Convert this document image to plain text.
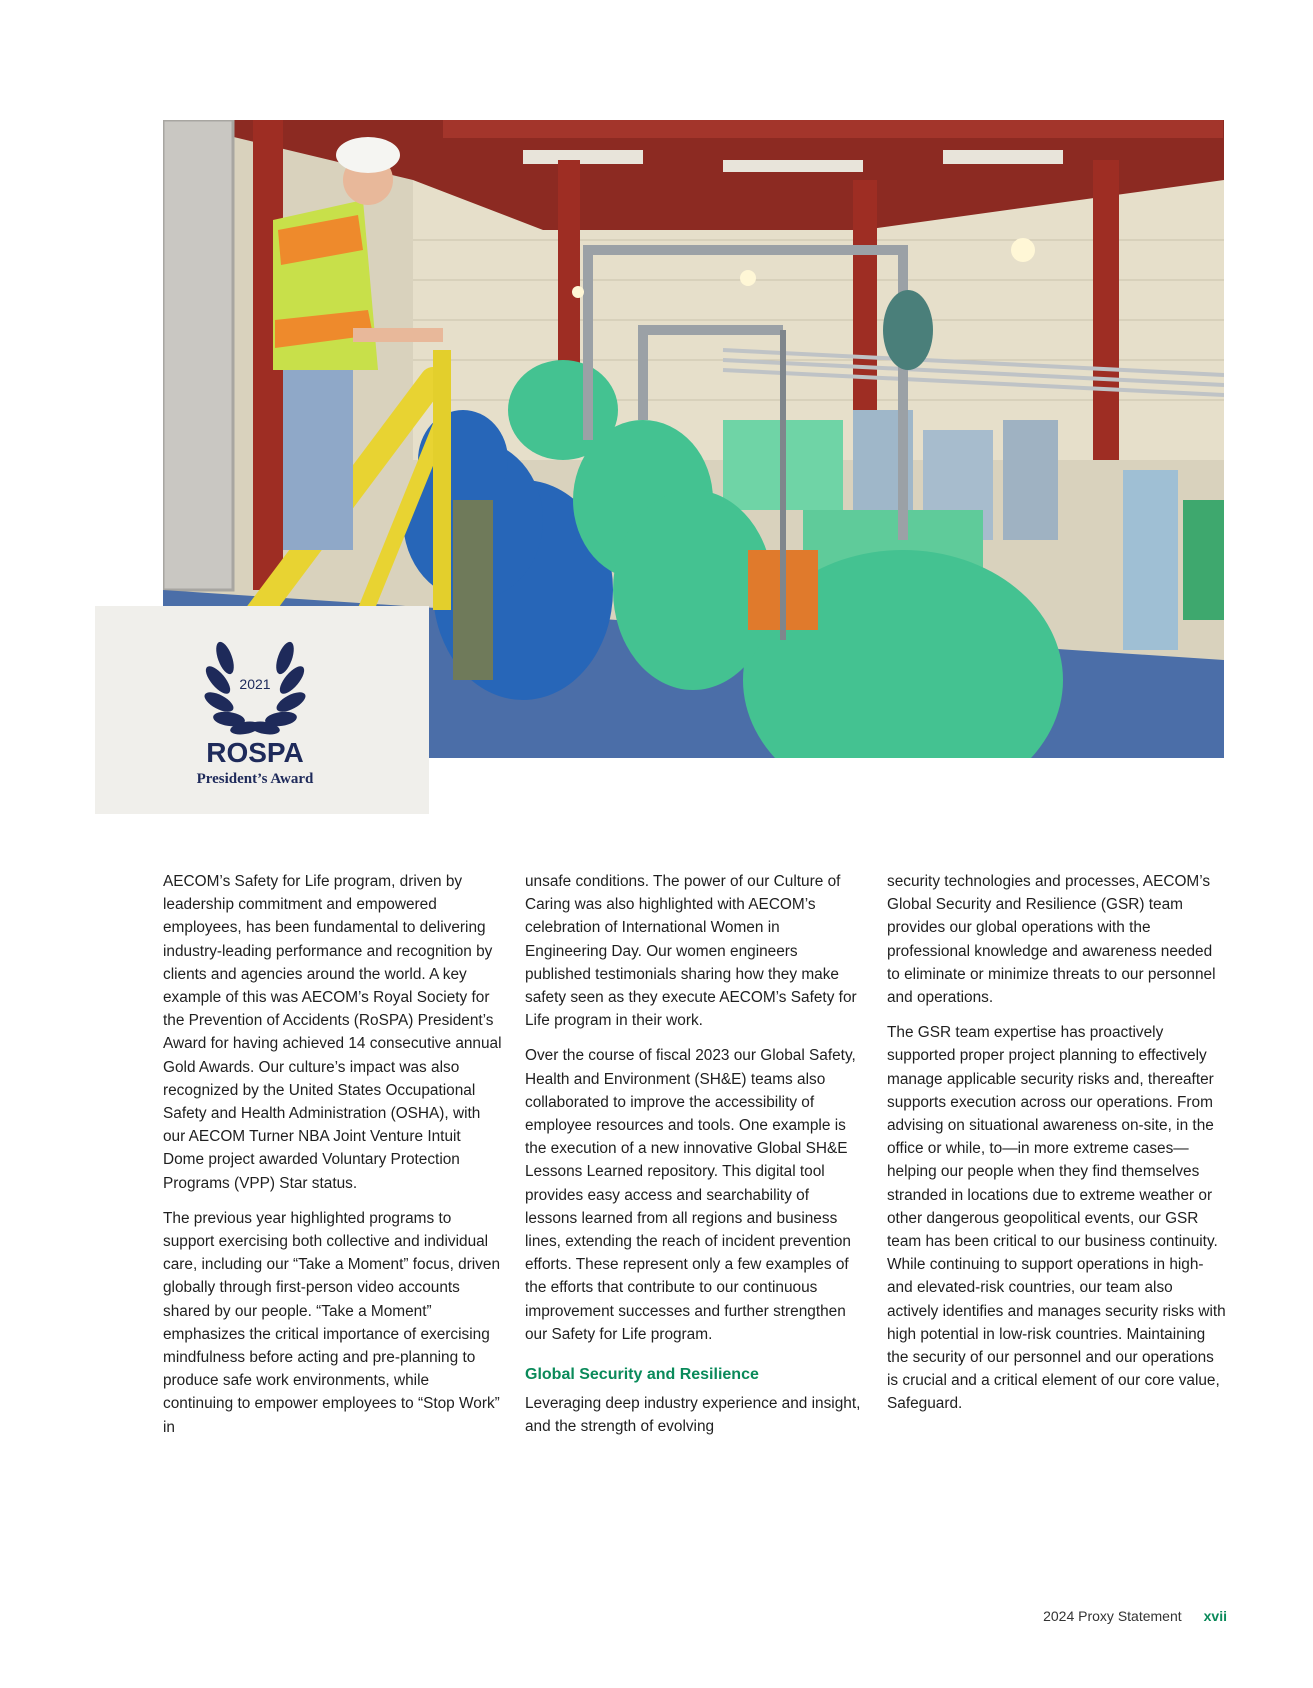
2021
ROSPA
President’s Award

AECOM’s Safety for Life program, driven by leadership commitment and empowered employees, has been fundamental to delivering industry-leading performance and recognition by clients and agencies around the world. A key example of this was AECOM’s Royal Society for the Prevention of Accidents (RoSPA) President’s Award for having achieved 14 consecutive annual Gold Awards. Our culture’s impact was also recognized by the United States Occupational Safety and Health Administration (OSHA), with our AECOM Turner NBA Joint Venture Intuit Dome project awarded Voluntary Protection Programs (VPP) Star status.

The previous year highlighted programs to support exercising both collective and individual care, including our “Take a Moment” focus, driven globally through first-person video accounts shared by our people. “Take a Moment” emphasizes the critical importance of exercising mindfulness before acting and pre-planning to produce safe work environments, while continuing to empower employees to “Stop Work” in

unsafe conditions. The power of our Culture of Caring was also highlighted with AECOM’s celebration of International Women in Engineering Day. Our women engineers published testimonials sharing how they make safety seen as they execute AECOM’s Safety for Life program in their work.

Over the course of fiscal 2023 our Global Safety, Health and Environment (SH&E) teams also collaborated to improve the accessibility of employee resources and tools. One example is the execution of a new innovative Global SH&E Lessons Learned repository. This digital tool provides easy access and searchability of lessons learned from all regions and business lines, extending the reach of incident prevention efforts. These represent only a few examples of the efforts that contribute to our continuous improvement successes and further strengthen our Safety for Life program.

Global Security and Resilience

Leveraging deep industry experience and insight, and the strength of evolving

security technologies and processes, AECOM’s Global Security and Resilience (GSR) team provides our global operations with the professional knowledge and awareness needed to eliminate or minimize threats to our personnel and operations.

The GSR team expertise has proactively supported proper project planning to effectively manage applicable security risks and, thereafter supports execution across our operations. From advising on situational awareness on-site, in the office or while, to—in more extreme cases—helping our people when they find themselves stranded in locations due to extreme weather or other dangerous geopolitical events, our GSR team has been critical to our business continuity. While continuing to support operations in high- and elevated-risk countries, our team also actively identifies and manages security risks with high potential in low-risk countries. Maintaining the security of our personnel and our operations is crucial and a critical element of our core value, Safeguard.

2024 Proxy Statement xvii
